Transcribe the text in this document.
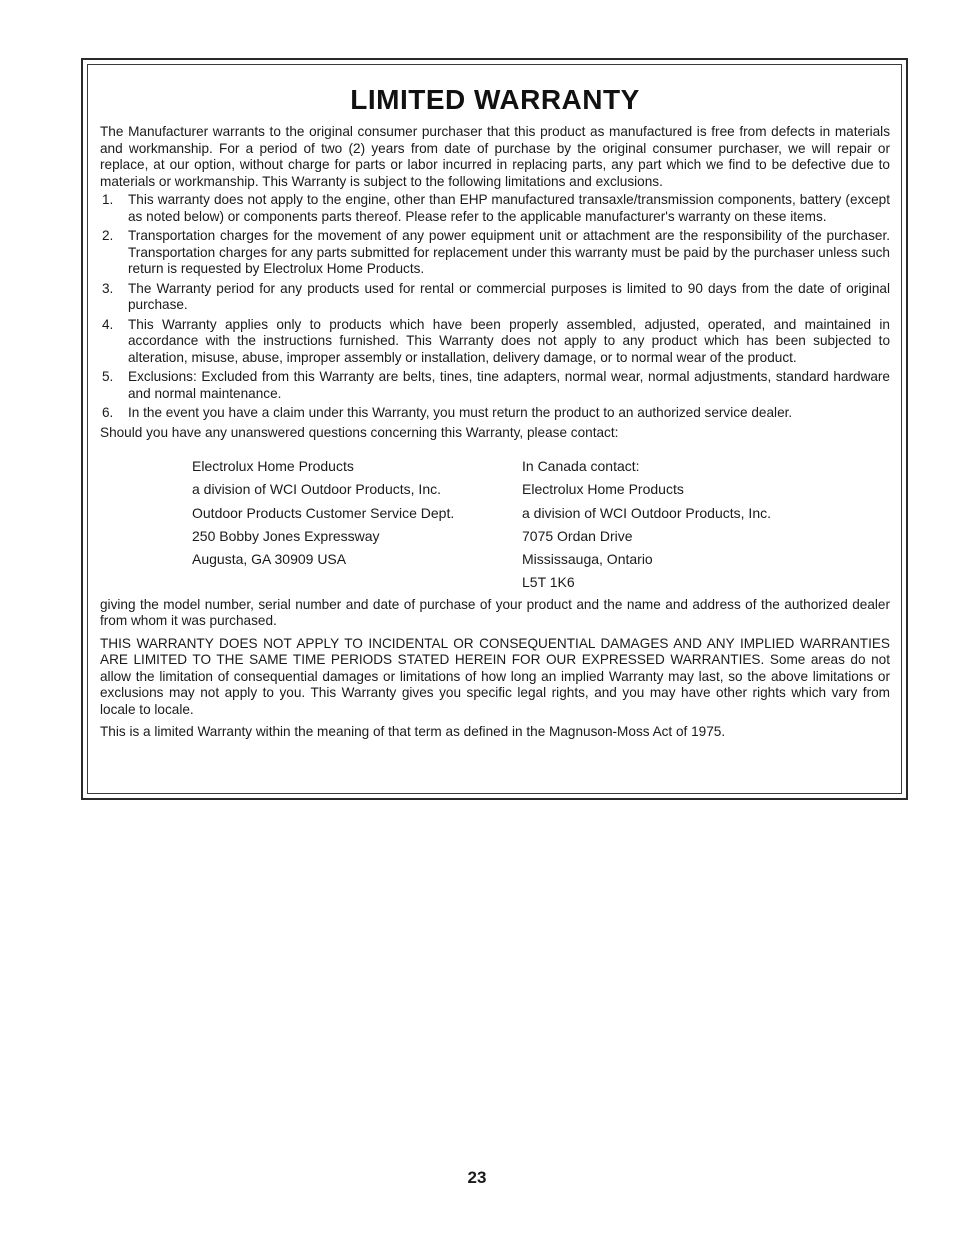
LIMITED WARRANTY

The Manufacturer warrants to the original consumer purchaser that this product as manufactured is free from defects in materials and workmanship. For a period of two (2) years from date of purchase by the original consumer purchaser, we will repair or replace, at our option, without charge for parts or labor incurred in replacing parts, any part which we find to be defective due to materials or workmanship. This Warranty is subject to the following limitations and exclusions.

1. This warranty does not apply to the engine, other than EHP manufactured transaxle/transmission components, battery (except as noted below) or components parts thereof. Please refer to the applicable manufacturer's warranty on these items.
2. Transportation charges for the movement of any power equipment unit or attachment are the responsibility of the purchaser. Transportation charges for any parts submitted for replacement under this warranty must be paid by the purchaser unless such return is requested by Electrolux Home Products.
3. The Warranty period for any products used for rental or commercial purposes is limited to 90 days from the date of original purchase.
4. This Warranty applies only to products which have been properly assembled, adjusted, operated, and maintained in accordance with the instructions furnished. This Warranty does not apply to any product which has been subjected to alteration, misuse, abuse, improper assembly or installation, delivery damage, or to normal wear of the product.
5. Exclusions: Excluded from this Warranty are belts, tines, tine adapters, normal wear, normal adjustments, standard hardware and normal maintenance.
6. In the event you have a claim under this Warranty, you must return the product to an authorized service dealer.

Should you have any unanswered questions concerning this Warranty, please contact:

Electrolux Home Products
a division of WCI Outdoor Products, Inc.
Outdoor Products Customer Service Dept.
250 Bobby Jones Expressway
Augusta, GA 30909 USA
In Canada contact:
Electrolux Home Products
a division of WCI Outdoor Products, Inc.
7075 Ordan Drive
Mississauga, Ontario
L5T 1K6

giving the model number, serial number and date of purchase of your product and the name and address of the authorized dealer from whom it was purchased.

THIS WARRANTY DOES NOT APPLY TO INCIDENTAL OR CONSEQUENTIAL DAMAGES AND ANY IMPLIED WARRANTIES ARE LIMITED TO THE SAME TIME PERIODS STATED HEREIN FOR OUR EXPRESSED WARRANTIES. Some areas do not allow the limitation of consequential damages or limitations of how long an implied Warranty may last, so the above limitations or exclusions may not apply to you. This Warranty gives you specific legal rights, and you may have other rights which vary from locale to locale.

This is a limited Warranty within the meaning of that term as defined in the Magnuson-Moss Act of 1975.

23
